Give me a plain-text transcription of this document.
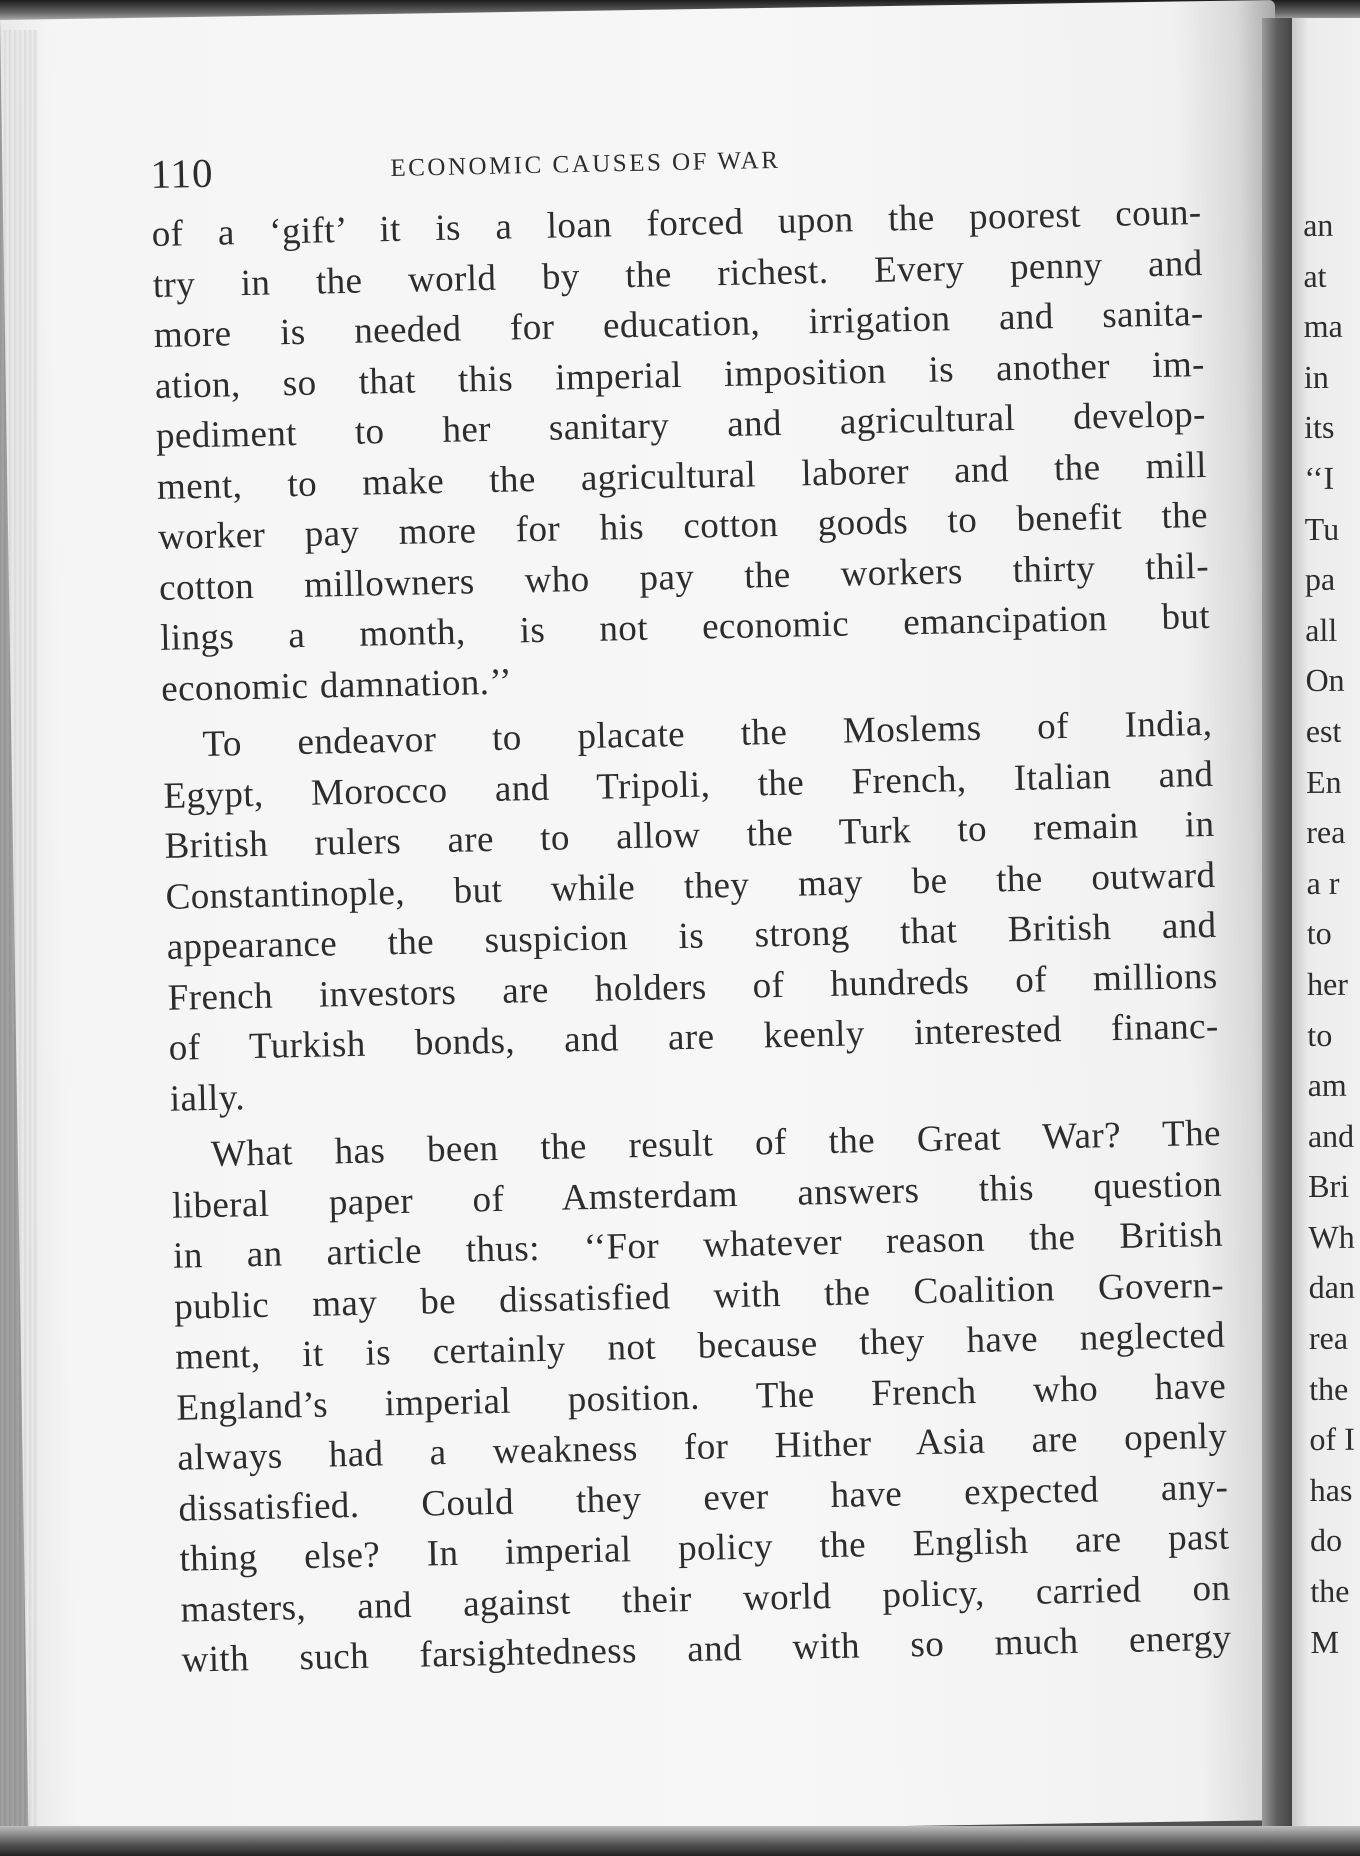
110	ECONOMIC CAUSES OF WAR
of a ‘gift’ it is a loan forced upon the poorest coun-
try in the world by the richest. Every penny and
more is needed for education, irrigation and sanita-
ation, so that this imperial imposition is another im-
pediment to her sanitary and agricultural develop-
ment, to make the agricultural laborer and the mill
worker pay more for his cotton goods to benefit the
cotton millowners who pay the workers thirty thil-
lings a month, is not economic emancipation but
economic damnation.’’
To endeavor to placate the Moslems of India,
Egypt, Morocco and Tripoli, the French, Italian and
British rulers are to allow the Turk to remain in
Constantinople, but while they may be the outward
appearance the suspicion is strong that British and
French investors are holders of hundreds of millions
of Turkish bonds, and are keenly interested financ-
ially.
What has been the result of the Great War? The
liberal paper of Amsterdam answers this question
in an article thus: ‘‘For whatever reason the British
public may be dissatisfied with the Coalition Govern-
ment, it is certainly not because they have neglected
England’s imperial position. The French who have
always had a weakness for Hither Asia are openly
dissatisfied. Could they ever have expected any-
thing else? In imperial policy the English are past
masters, and against their world policy, carried on
with such farsightedness and with so much energy
an
at
ma
in
its
‘‘I
Tu
pa
all
On
est
En
rea
a r
to
her
to
am
and
Bri
Wh
dan
rea
the
of I
has
do
the
M
